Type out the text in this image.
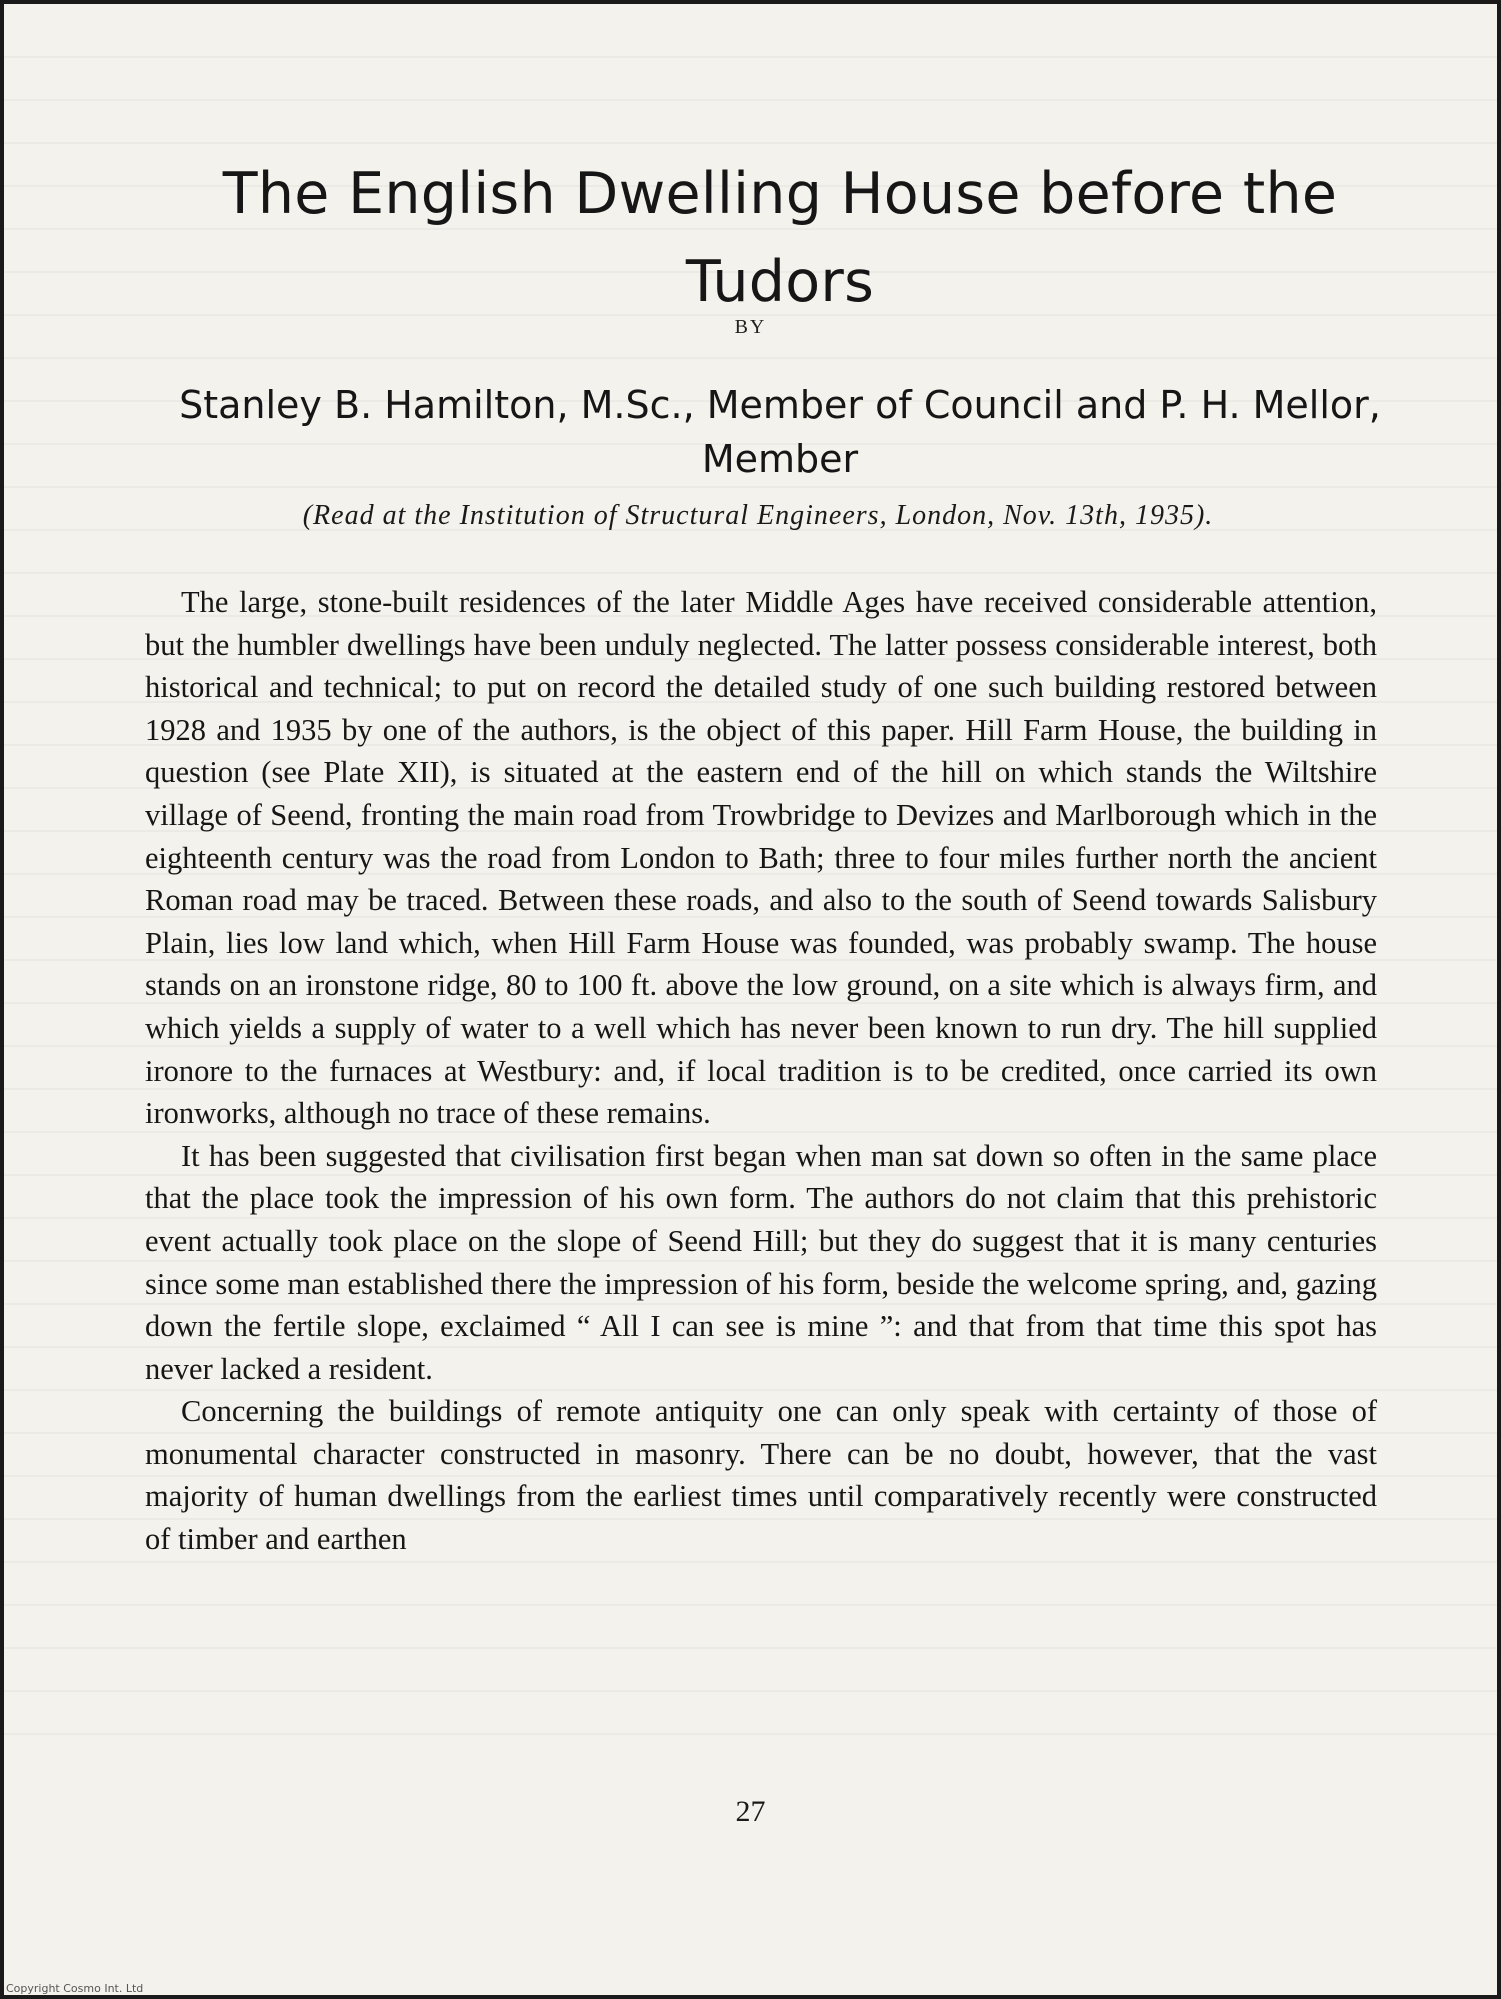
The English Dwelling House before the Tudors
BY
Stanley B. Hamilton, M.Sc., Member of Council and P. H. Mellor, Member
(Read at the Institution of Structural Engineers, London, Nov. 13th, 1935).

The large, stone-built residences of the later Middle Ages have received considerable attention, but the humbler dwellings have been unduly neglected. The latter possess considerable interest, both historical and technical; to put on record the detailed study of one such building restored between 1928 and 1935 by one of the authors, is the object of this paper. Hill Farm House, the building in question (see Plate XII), is situated at the eastern end of the hill on which stands the Wiltshire village of Seend, fronting the main road from Trowbridge to Devizes and Marlborough which in the eighteenth century was the road from London to Bath; three to four miles further north the ancient Roman road may be traced. Between these roads, and also to the south of Seend towards Salisbury Plain, lies low land which, when Hill Farm House was founded, was probably swamp. The house stands on an ironstone ridge, 80 to 100 ft. above the low ground, on a site which is always firm, and which yields a supply of water to a well which has never been known to run dry. The hill supplied ironore to the furnaces at Westbury: and, if local tradition is to be credited, once carried its own ironworks, although no trace of these remains.

It has been suggested that civilisation first began when man sat down so often in the same place that the place took the impression of his own form. The authors do not claim that this prehistoric event actually took place on the slope of Seend Hill; but they do suggest that it is many centuries since some man established there the impression of his form, beside the welcome spring, and, gazing down the fertile slope, exclaimed “ All I can see is mine ”: and that from that time this spot has never lacked a resident.

Concerning the buildings of remote antiquity one can only speak with certainty of those of monumental character constructed in masonry. There can be no doubt, however, that the vast majority of human dwellings from the earliest times until comparatively recently were constructed of timber and earthen

27
Copyright Cosmo Int. Ltd
